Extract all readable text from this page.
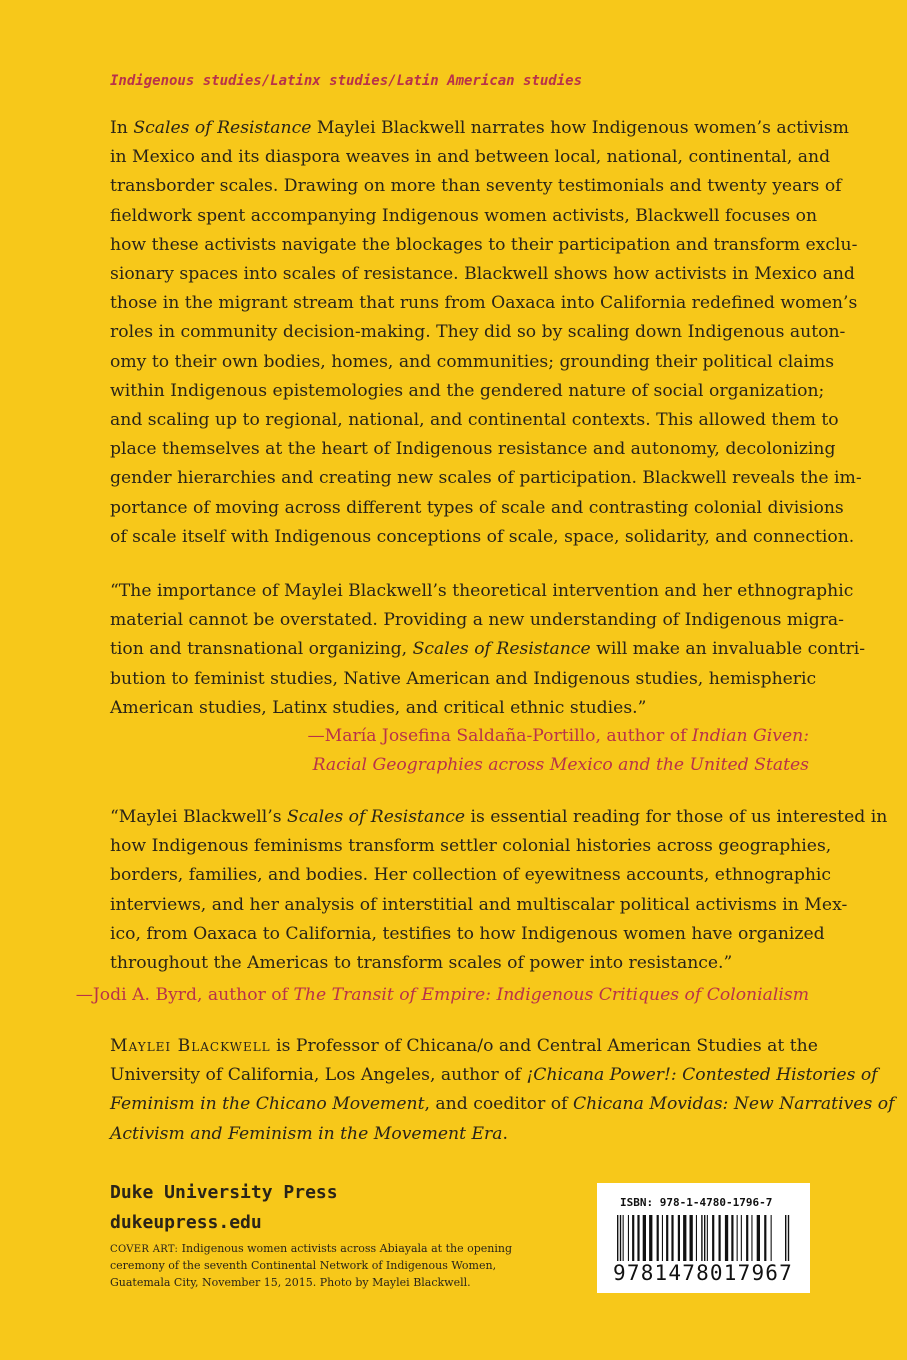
Indigenous studies/Latinx studies/Latin American studies
In Scales of Resistance Maylei Blackwell narrates how Indigenous women’s activism
in Mexico and its diaspora weaves in and between local, national, continental, and
transborder scales. Drawing on more than seventy testimonials and twenty years of
fieldwork spent accompanying Indigenous women activists, Blackwell focuses on
how these activists navigate the blockages to their participation and transform exclu-
sionary spaces into scales of resistance. Blackwell shows how activists in Mexico and
those in the migrant stream that runs from Oaxaca into California redefined women’s
roles in community decision-making. They did so by scaling down Indigenous auton-
omy to their own bodies, homes, and communities; grounding their political claims
within Indigenous epistemologies and the gendered nature of social organization;
and scaling up to regional, national, and continental contexts. This allowed them to
place themselves at the heart of Indigenous resistance and autonomy, decolonizing
gender hierarchies and creating new scales of participation. Blackwell reveals the im-
portance of moving across different types of scale and contrasting colonial divisions
of scale itself with Indigenous conceptions of scale, space, solidarity, and connection.
“The importance of Maylei Blackwell’s theoretical intervention and her ethnographic
material cannot be overstated. Providing a new understanding of Indigenous migra-
tion and transnational organizing, Scales of Resistance will make an invaluable contri-
bution to feminist studies, Native American and Indigenous studies, hemispheric
American studies, Latinx studies, and critical ethnic studies.”
—María Josefina Saldaña-Portillo, author of Indian Given:
Racial Geographies across Mexico and the United States
“Maylei Blackwell’s Scales of Resistance is essential reading for those of us interested in
how Indigenous feminisms transform settler colonial histories across geographies,
borders, families, and bodies. Her collection of eyewitness accounts, ethnographic
interviews, and her analysis of interstitial and multiscalar political activisms in Mex-
ico, from Oaxaca to California, testifies to how Indigenous women have organized
throughout the Americas to transform scales of power into resistance.”
—Jodi A. Byrd, author of The Transit of Empire: Indigenous Critiques of Colonialism
Maylei Blackwell is Professor of Chicana/o and Central American Studies at the
University of California, Los Angeles, author of ¡Chicana Power!: Contested Histories of
Feminism in the Chicano Movement, and coeditor of Chicana Movidas: New Narratives of
Activism and Feminism in the Movement Era.
Duke University Press
dukeupress.edu
COVER ART: Indigenous women activists across Abiayala at the opening ceremony of the seventh Continental Network of Indigenous Women, Guatemala City, November 15, 2015. Photo by Maylei Blackwell.
ISBN: 978-1-4780-1796-7
9781478017967
